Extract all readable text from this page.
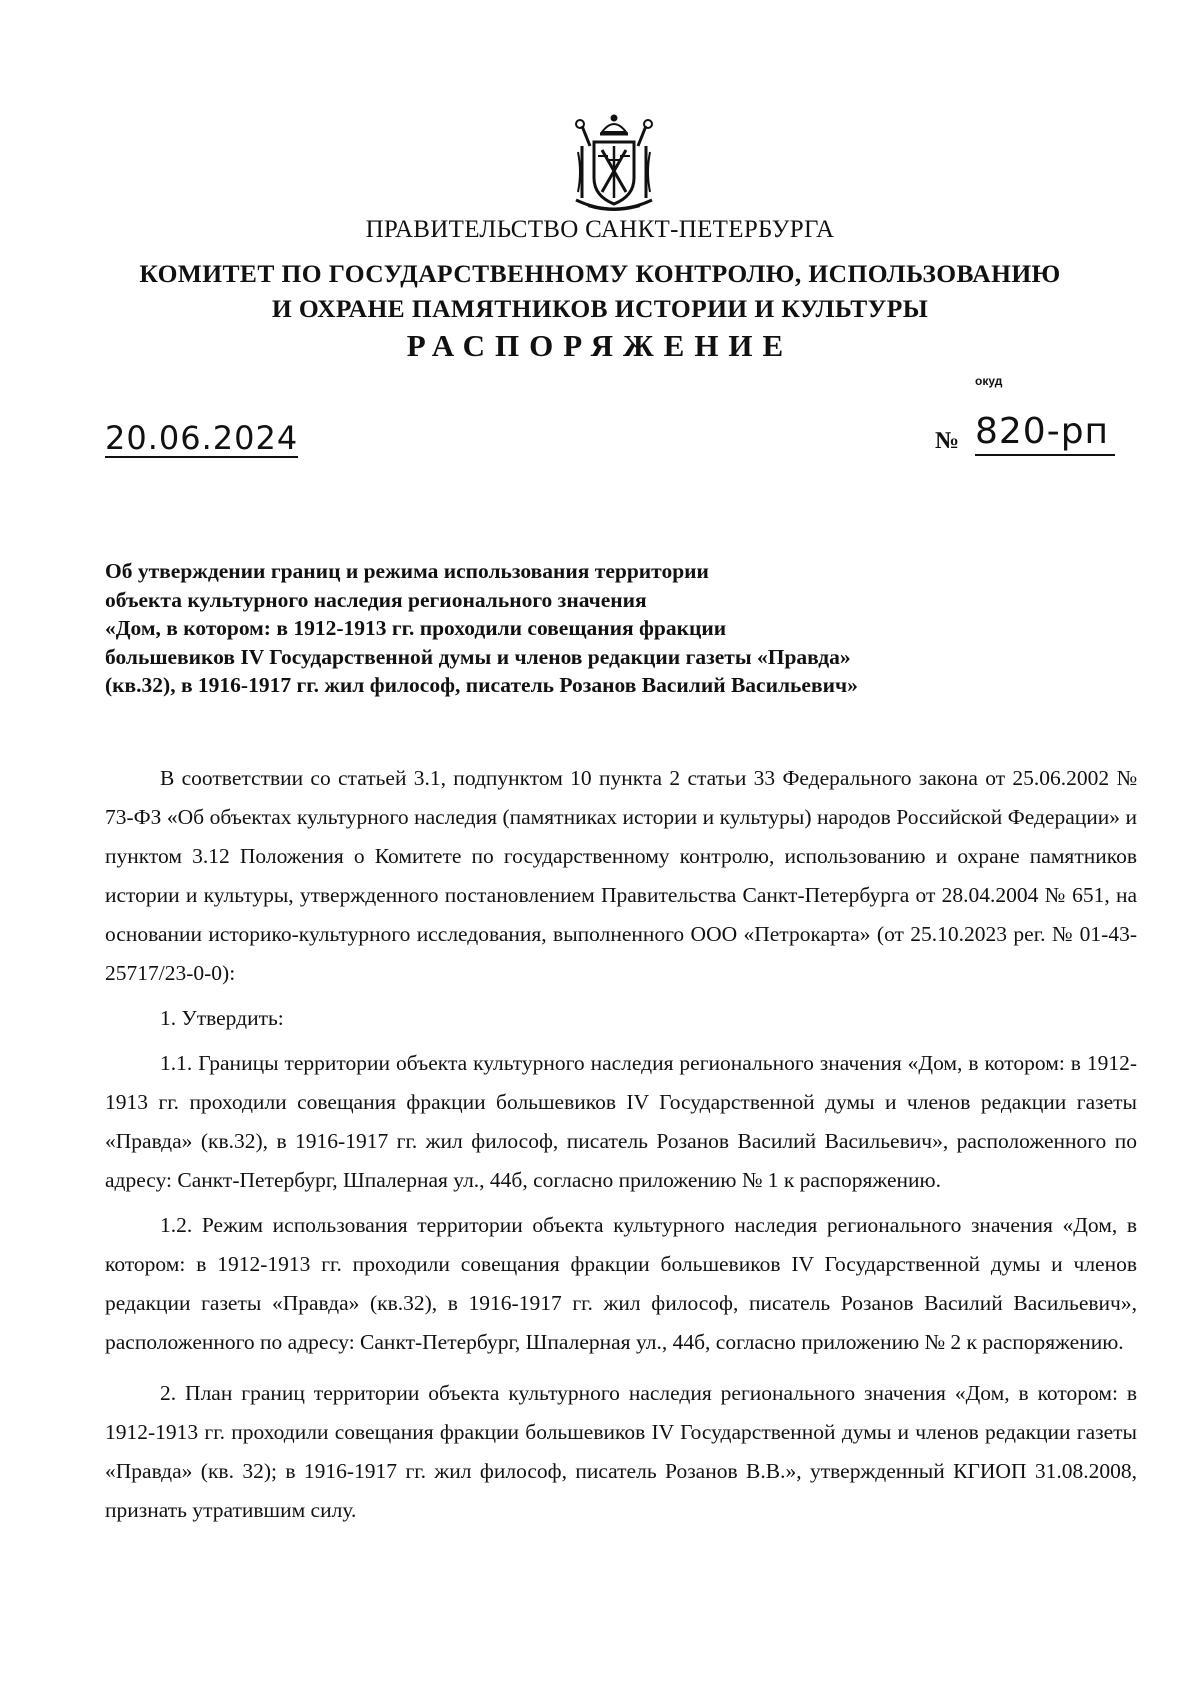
ПРАВИТЕЛЬСТВО САНКТ-ПЕТЕРБУРГА
КОМИТЕТ ПО ГОСУДАРСТВЕННОМУ КОНТРОЛЮ, ИСПОЛЬЗОВАНИЮ
И ОХРАНЕ ПАМЯТНИКОВ ИСТОРИИ И КУЛЬТУРЫ
РАСПОРЯЖЕНИЕ
окуд
20.06.2024	№ 820-рп
Об утверждении границ и режима использования территории
объекта культурного наследия регионального значения
«Дом, в котором: в 1912-1913 гг. проходили совещания фракции
большевиков IV Государственной думы и членов редакции газеты «Правда»
(кв.32), в 1916-1917 гг. жил философ, писатель Розанов Василий Васильевич»

В соответствии со статьей 3.1, подпунктом 10 пункта 2 статьи 33 Федерального закона от 25.06.2002 № 73-ФЗ «Об объектах культурного наследия (памятниках истории и культуры) народов Российской Федерации» и пунктом 3.12 Положения о Комитете по государственному контролю, использованию и охране памятников истории и культуры, утвержденного постановлением Правительства Санкт-Петербурга от 28.04.2004 № 651, на основании историко-культурного исследования, выполненного ООО «Петрокарта» (от 25.10.2023 рег. № 01-43-25717/23-0-0):

1. Утвердить:

1.1. Границы территории объекта культурного наследия регионального значения «Дом, в котором: в 1912-1913 гг. проходили совещания фракции большевиков IV Государственной думы и членов редакции газеты «Правда» (кв.32), в 1916-1917 гг. жил философ, писатель Розанов Василий Васильевич», расположенного по адресу: Санкт-Петербург, Шпалерная ул., 44б, согласно приложению № 1 к распоряжению.

1.2. Режим использования территории объекта культурного наследия регионального значения «Дом, в котором: в 1912-1913 гг. проходили совещания фракции большевиков IV Государственной думы и членов редакции газеты «Правда» (кв.32), в 1916-1917 гг. жил философ, писатель Розанов Василий Васильевич», расположенного по адресу: Санкт-Петербург, Шпалерная ул., 44б, согласно приложению № 2 к распоряжению.

2. План границ территории объекта культурного наследия регионального значения «Дом, в котором: в 1912-1913 гг. проходили совещания фракции большевиков IV Государственной думы и членов редакции газеты «Правда» (кв. 32); в 1916-1917 гг. жил философ, писатель Розанов В.В.», утвержденный КГИОП 31.08.2008, признать утратившим силу.
